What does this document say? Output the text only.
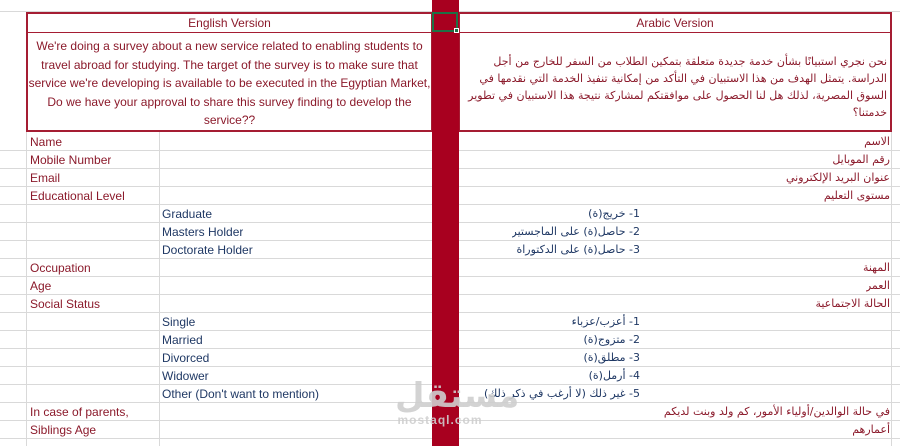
English Version	Arabic Version
We're doing a survey about a new service related to enabling students to travel abroad for studying. The target of the survey is to make sure that service we're developing is available to be executed in the Egyptian Market, Do we have your approval to share this survey finding to develop the service??
نحن نجري استبيانًا بشأن خدمة جديدة متعلقة بتمكين الطلاب من السفر للخارج من أجل الدراسة. يتمثل الهدف من هذا الاستبيان في التأكد من إمكانية تنفيذ الخدمة التي نقدمها في السوق المصرية، لذلك هل لنا الحصول على موافقتكم لمشاركة نتيجة هذا الاستبيان في تطوير خدمتنا؟
Name
Mobile Number
Email
Educational Level
Occupation
Age
Social Status
In case of parents,
Siblings Age
الاسم
رقم الموبايل
عنوان البريد الإلكتروني
مستوى التعليم
المهنة
العمر
الحالة الاجتماعية
في حالة الوالدين/أولياء الأمور، كم ولد وبنت لديكم
أعمارهم
Graduate
Masters Holder
Doctorate Holder
1- خريج(ة)
2- حاصل(ة) على الماجستير
3- حاصل(ة) على الدكتوراة
Single
Married
Divorced
Widower
Other (Don't want to mention)
1- أعزب/عزباء
2- متزوج(ة)
3- مطلق(ة)
4- أرمل(ة)
5- غير ذلك (لا أرغب في ذكر ذلك)
مستقل
mostaql.com
